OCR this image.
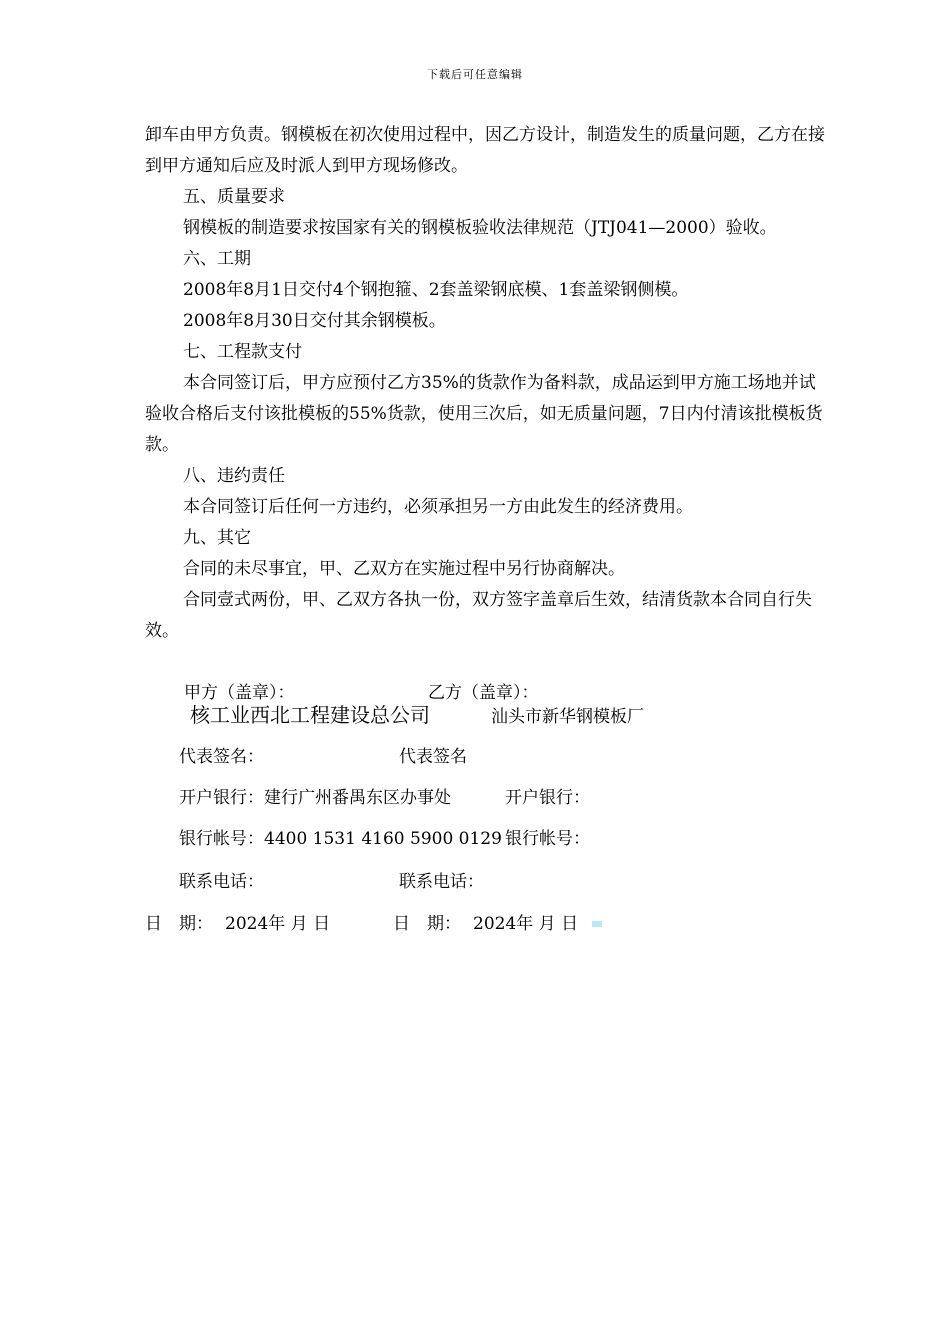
下载后可任意编辑

卸车由甲方负责。钢模板在初次使用过程中，因乙方设计，制造发生的质量问题，乙方在接到甲方通知后应及时派人到甲方现场修改。

五、质量要求

钢模板的制造要求按国家有关的钢模板验收法律规范（JTJ041—2000）验收。

六、工期

2008年8月1日交付4个钢抱箍、2套盖梁钢底模、1套盖梁钢侧模。

2008年8月30日交付其余钢模板。

七、工程款支付

本合同签订后，甲方应预付乙方35%的货款作为备料款，成品运到甲方施工场地并试验收合格后支付该批模板的55%货款，使用三次后，如无质量问题，7日内付清该批模板货款。

八、违约责任

本合同签订后任何一方违约，必须承担另一方由此发生的经济费用。

九、其它

合同的未尽事宜，甲、乙双方在实施过程中另行协商解决。

合同壹式两份，甲、乙双方各执一份，双方签字盖章后生效，结清货款本合同自行失效。

甲方（盖章）：	乙方（盖章）：
核工业西北工程建设总公司	汕头市新华钢模板厂
代表签名：	代表签名
开户银行：建行广州番禺东区办事处	开户银行：
银行帐号：4400 1531 4160 5900 0129 银行帐号：
联系电话：	联系电话：
日　期： 2024年 月 日	日　期： 2024年 月 日
